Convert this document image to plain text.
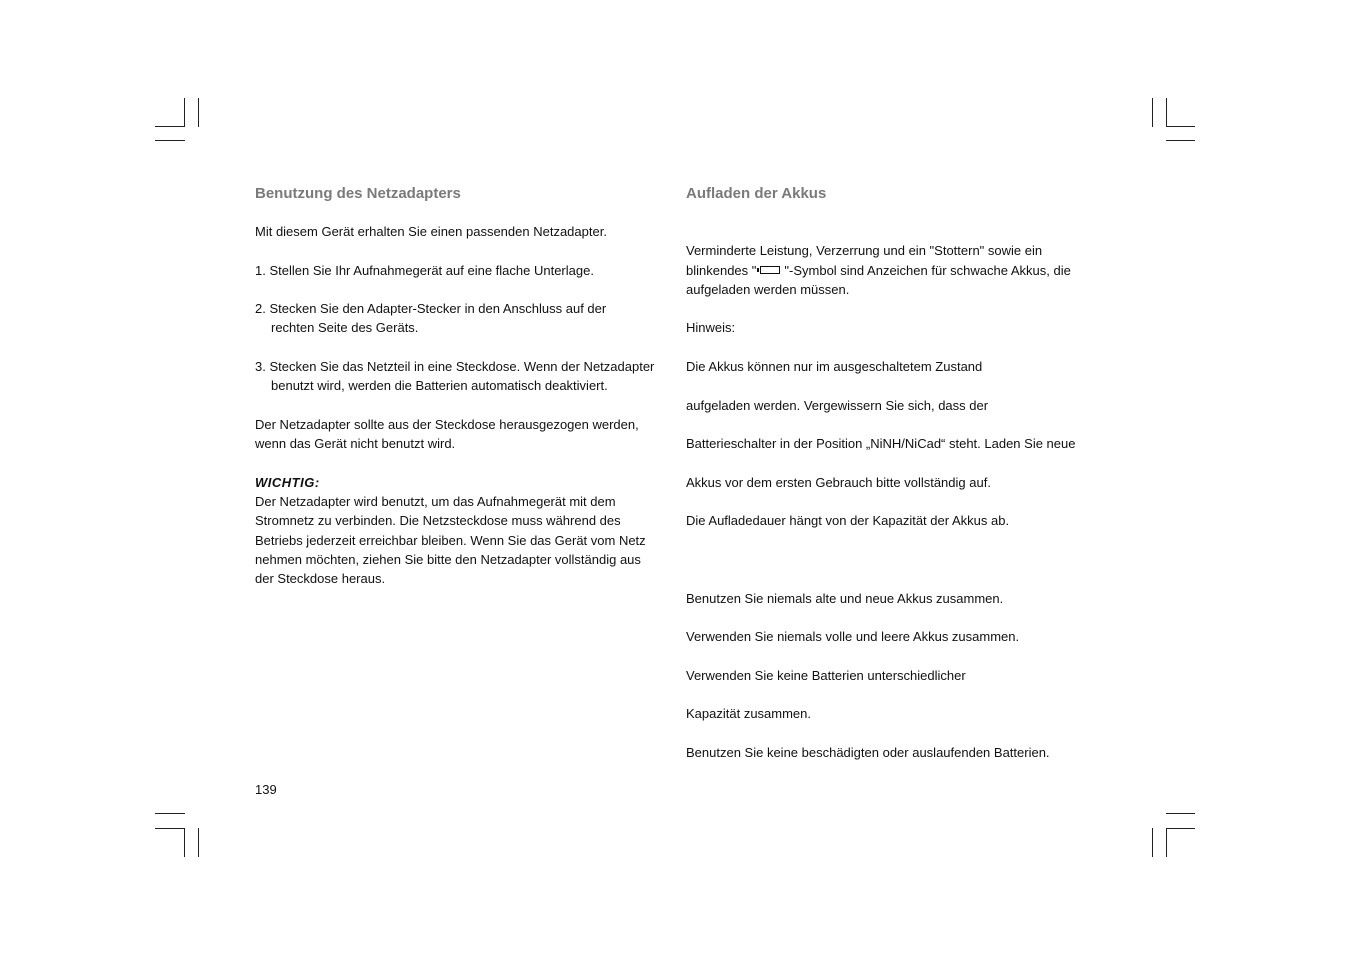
Benutzung des Netzadapters

Mit diesem Gerät erhalten Sie einen passenden Netzadapter.

1. Stellen Sie Ihr Aufnahmegerät auf eine flache Unterlage.

2. Stecken Sie den Adapter-Stecker in den Anschluss auf der rechten Seite des Geräts.

3. Stecken Sie das Netzteil in eine Steckdose. Wenn der Netzadapter benutzt wird, werden die Batterien automatisch deaktiviert.

Der Netzadapter sollte aus der Steckdose herausgezogen werden, wenn das Gerät nicht benutzt wird.

WICHTIG:

Der Netzadapter wird benutzt, um das Aufnahmegerät mit dem Stromnetz zu verbinden. Die Netzsteckdose muss während des Betriebs jederzeit erreichbar bleiben. Wenn Sie das Gerät vom Netz nehmen möchten, ziehen Sie bitte den Netzadapter vollständig aus der Steckdose heraus.

Aufladen der Akkus

Verminderte Leistung, Verzerrung und ein "Stottern" sowie ein blinkendes " "-Symbol sind Anzeichen für schwache Akkus, die aufgeladen werden müssen.

Hinweis:

Die Akkus können nur im ausgeschaltetem Zustand

aufgeladen werden. Vergewissern Sie sich, dass der

Batterieschalter in der Position „NiNH/NiCad“ steht. Laden Sie neue

Akkus vor dem ersten Gebrauch bitte vollständig auf.

Die Aufladedauer hängt von der Kapazität der Akkus ab.

Benutzen Sie niemals alte und neue Akkus zusammen.

Verwenden Sie niemals volle und leere Akkus zusammen.

Verwenden Sie keine Batterien unterschiedlicher

Kapazität zusammen.

Benutzen Sie keine beschädigten oder auslaufenden Batterien.

139
